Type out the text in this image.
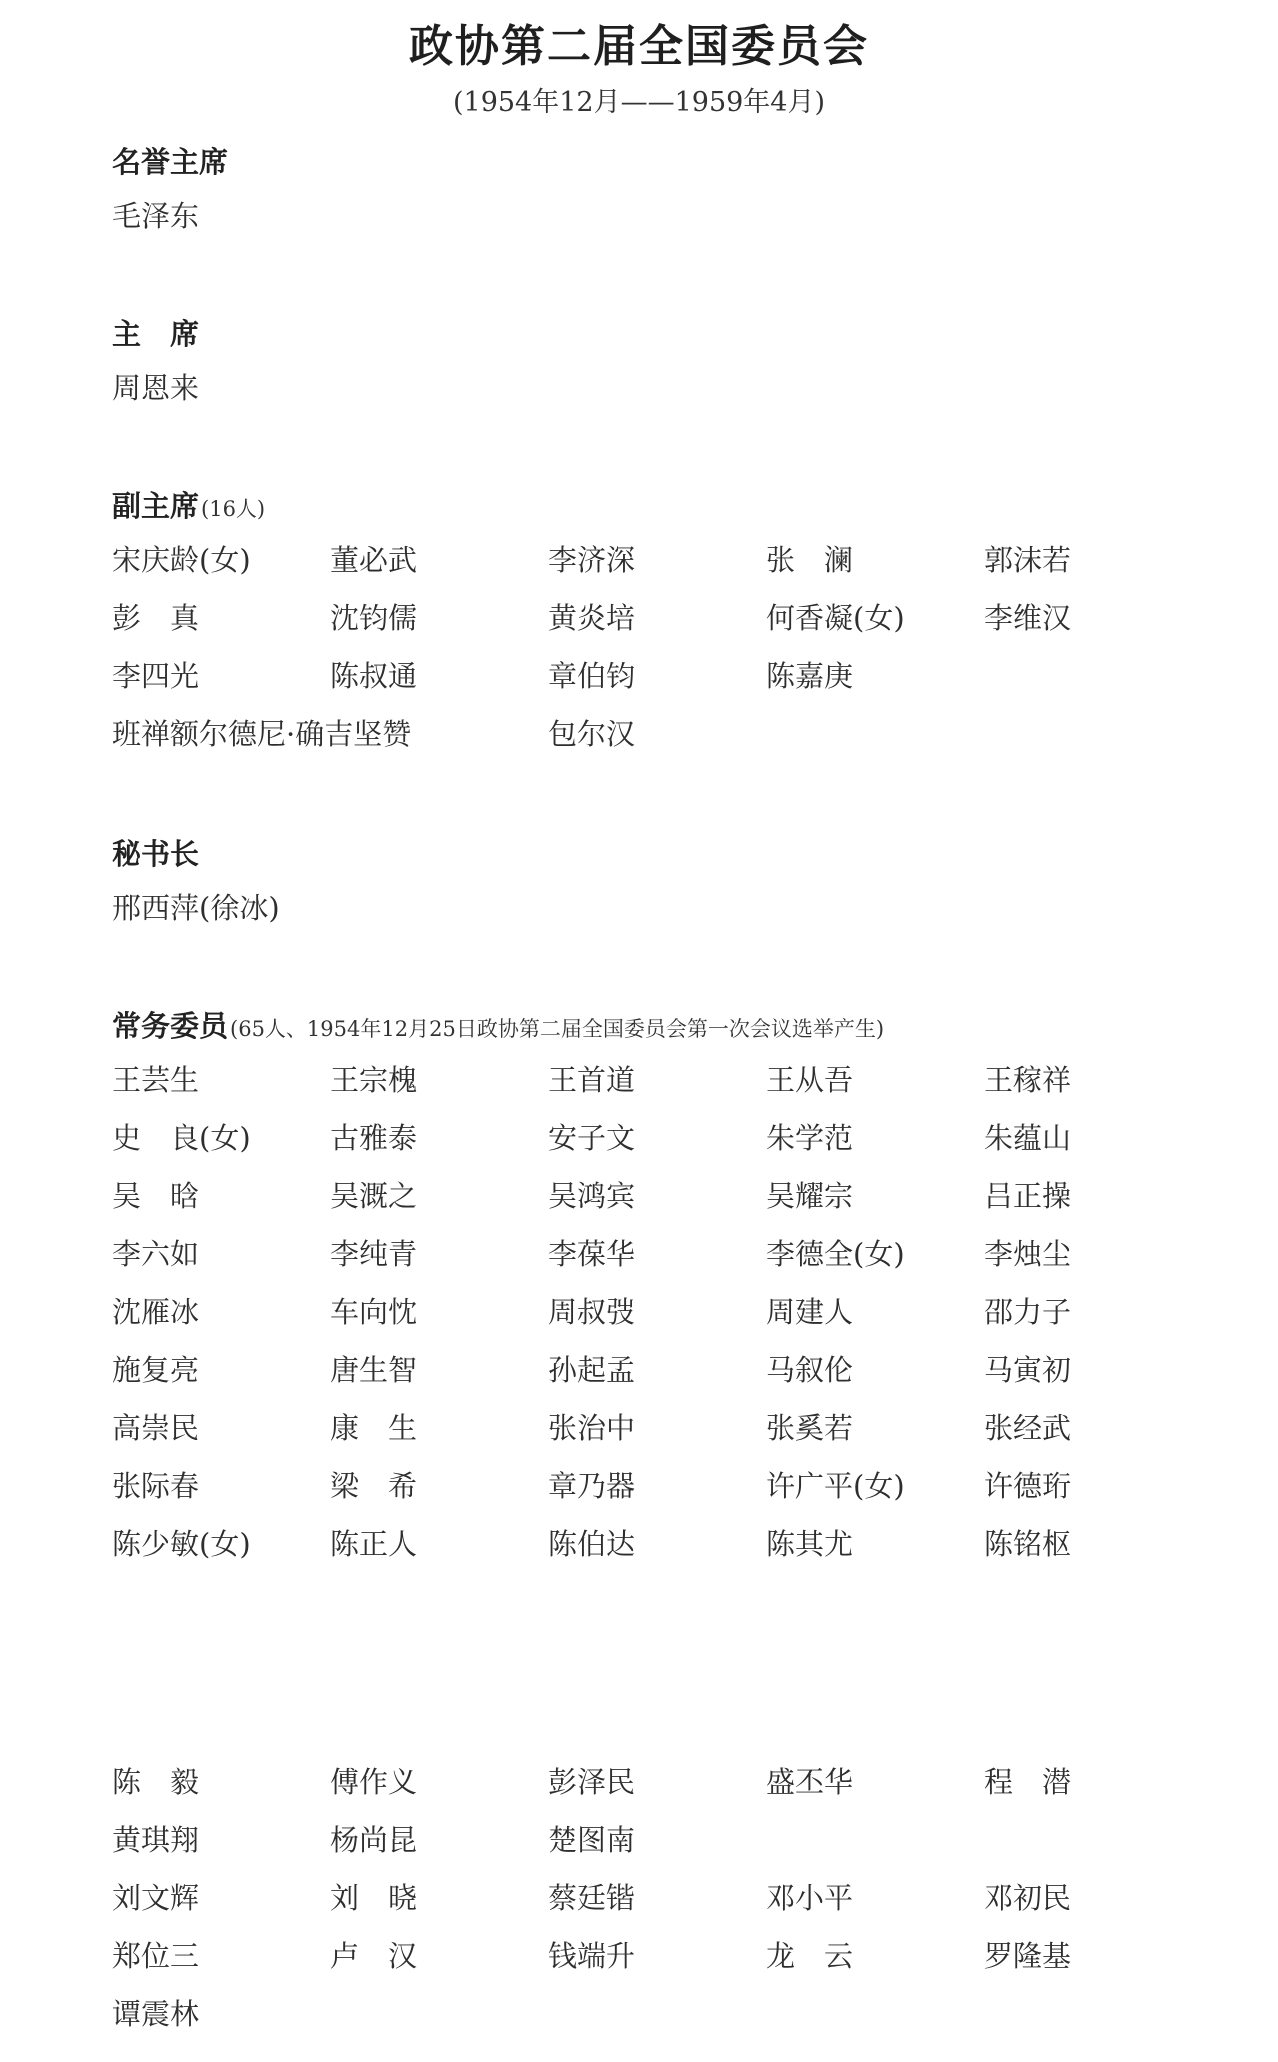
政协第二届全国委员会
(1954年12月——1959年4月)
名誉主席
毛泽东
主　席
周恩来
副主席(16人)
宋庆龄(女)	董必武	李济深	张　澜	郭沫若
彭　真	沈钧儒	黄炎培	何香凝(女)	李维汉
李四光	陈叔通	章伯钧	陈嘉庚
班禅额尔德尼·确吉坚赞	包尔汉
秘书长
邢西萍(徐冰)
常务委员(65人、1954年12月25日政协第二届全国委员会第一次会议选举产生)
王芸生	王宗槐	王首道	王从吾	王稼祥
史　良(女)	古雅泰	安子文	朱学范	朱蕴山
吴　晗	吴溉之	吴鸿宾	吴耀宗	吕正操
李六如	李纯青	李葆华	李德全(女)	李烛尘
沈雁冰	车向忱	周叔弢	周建人	邵力子
施复亮	唐生智	孙起孟	马叙伦	马寅初
高崇民	康　生	张治中	张奚若	张经武
张际春	梁　希	章乃器	许广平(女)	许德珩
陈少敏(女)	陈正人	陈伯达	陈其尤	陈铭枢
陈　毅	傅作义	彭泽民	盛丕华	程　潜
黄琪翔	杨尚昆	楚图南
刘文辉	刘　晓	蔡廷锴	邓小平	邓初民
郑位三	卢　汉	钱端升	龙　云	罗隆基
谭震林
